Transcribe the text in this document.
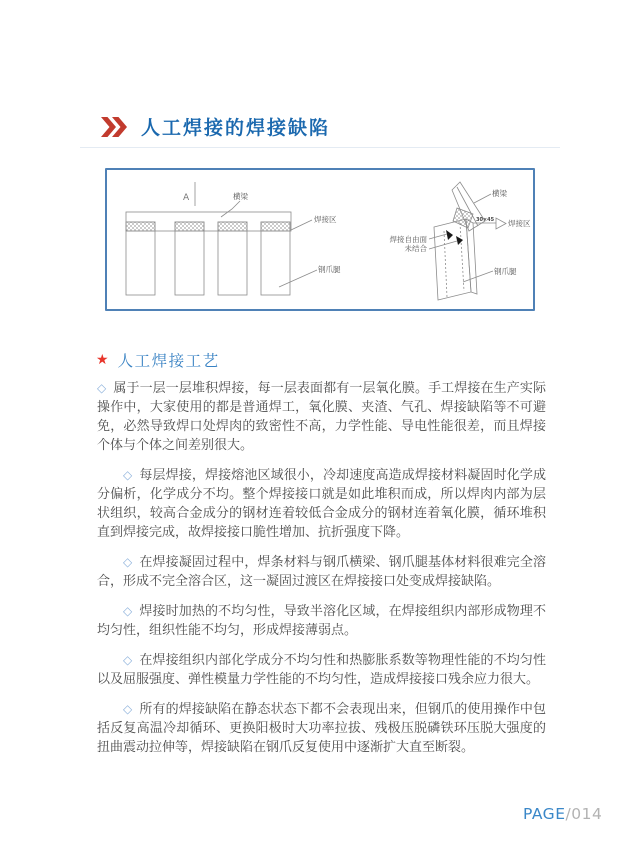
人工焊接的焊接缺陷
A	横梁
焊接区
钢爪腿
横梁
30×45 焊接区
焊接自由面
未结合
钢爪腿
★ 人工焊接工艺

◇ 属于一层一层堆积焊接，每一层表面都有一层氧化膜。手工焊接在生产实际操作中，大家使用的都是普通焊工，氧化膜、夹渣、气孔、焊接缺陷等不可避免，必然导致焊口处焊肉的致密性不高，力学性能、导电性能很差，而且焊接个体与个体之间差别很大。

◇ 每层焊接，焊接熔池区域很小，冷却速度高造成焊接材料凝固时化学成分偏析，化学成分不均。整个焊接接口就是如此堆积而成，所以焊肉内部为层状组织，较高合金成分的钢材连着较低合金成分的钢材连着氧化膜，循环堆积直到焊接完成，故焊接接口脆性增加、抗折强度下降。

◇ 在焊接凝固过程中，焊条材料与钢爪横梁、钢爪腿基体材料很难完全溶合，形成不完全溶合区，这一凝固过渡区在焊接接口处变成焊接缺陷。

◇ 焊接时加热的不均匀性，导致半溶化区域，在焊接组织内部形成物理不均匀性，组织性能不均匀，形成焊接薄弱点。

◇ 在焊接组织内部化学成分不均匀性和热膨胀系数等物理性能的不均匀性以及屈服强度、弹性模量力学性能的不均匀性，造成焊接接口残余应力很大。

◇ 所有的焊接缺陷在静态状态下都不会表现出来，但钢爪的使用操作中包括反复高温冷却循环、更换阳极时大功率拉拔、残极压脱磷铁环压脱大强度的扭曲震动拉伸等，焊接缺陷在钢爪反复使用中逐渐扩大直至断裂。

PAGE/014
